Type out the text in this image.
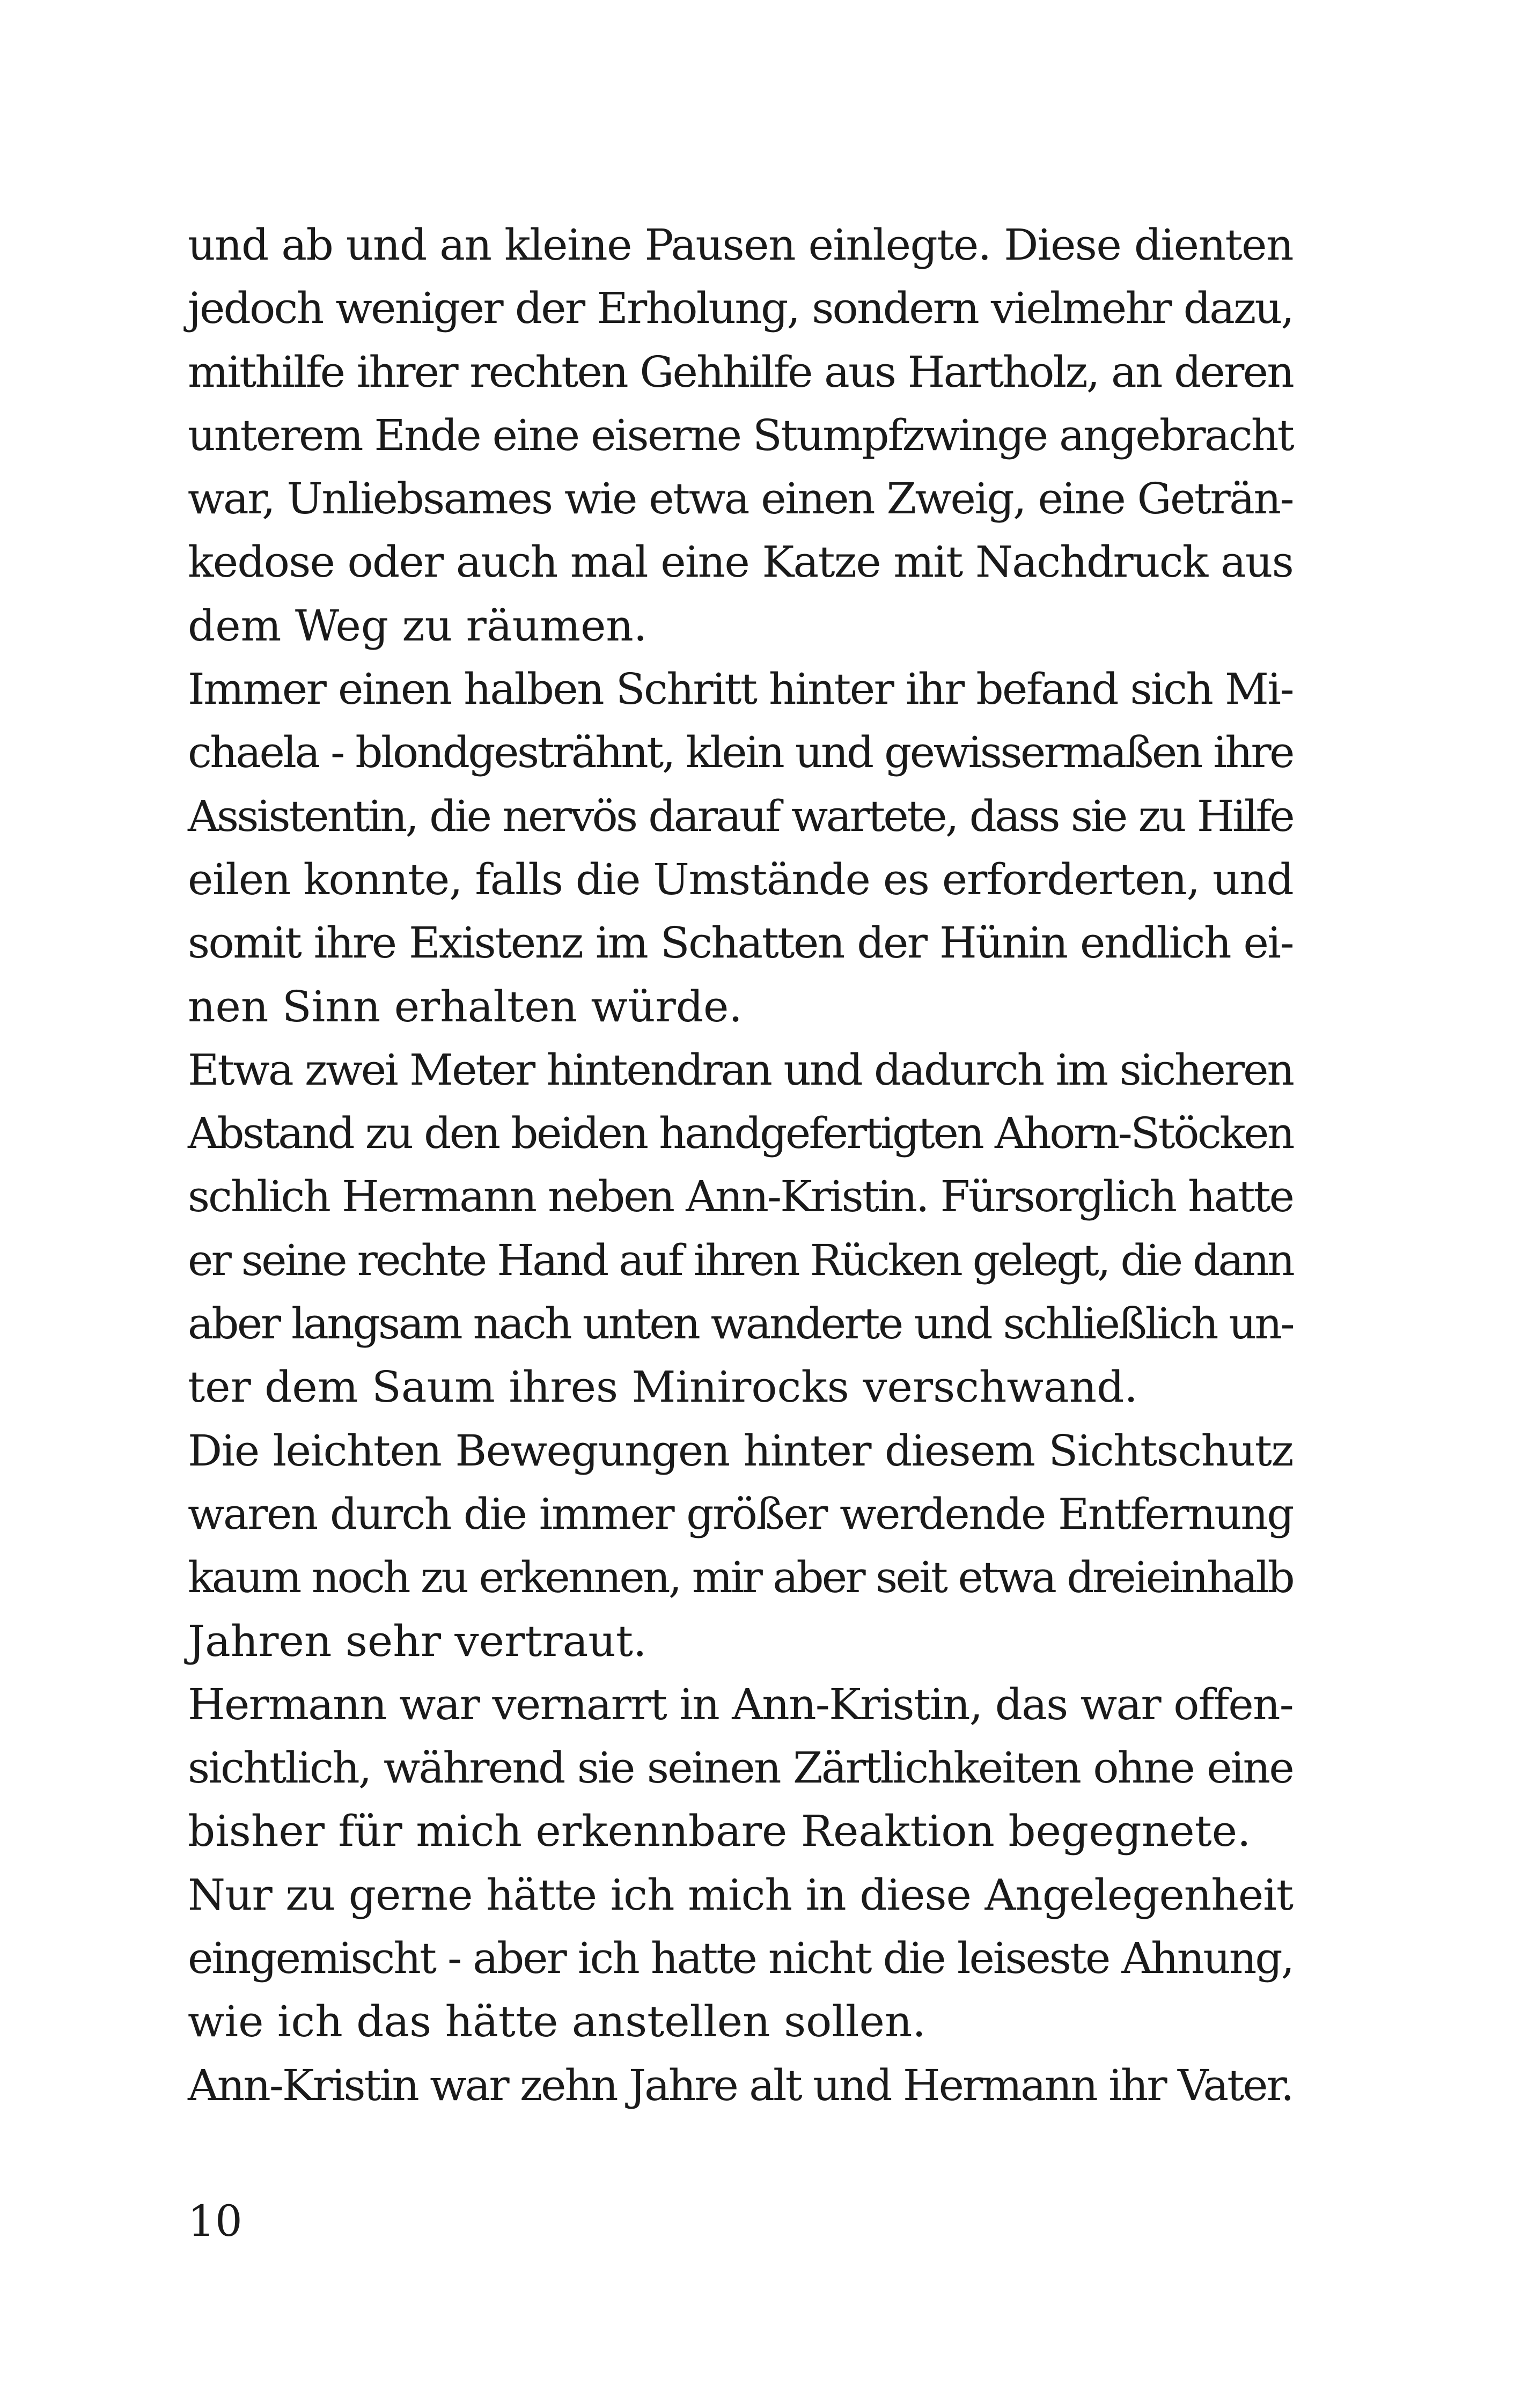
und ab und an kleine Pausen einlegte. Diese dienten
jedoch weniger der Erholung, sondern vielmehr dazu,
mithilfe ihrer rechten Gehhilfe aus Hartholz, an deren
unterem Ende eine eiserne Stumpfzwinge angebracht
war, Unliebsames wie etwa einen Zweig, eine Geträn-
kedose oder auch mal eine Katze mit Nachdruck aus
dem Weg zu räumen.
Immer einen halben Schritt hinter ihr befand sich Mi-
chaela - blondgesträhnt, klein und gewissermaßen ihre
Assistentin, die nervös darauf wartete, dass sie zu Hilfe
eilen konnte, falls die Umstände es erforderten, und
somit ihre Existenz im Schatten der Hünin endlich ei-
nen Sinn erhalten würde.
Etwa zwei Meter hintendran und dadurch im sicheren
Abstand zu den beiden handgefertigten Ahorn-Stöcken
schlich Hermann neben Ann-Kristin. Fürsorglich hatte
er seine rechte Hand auf ihren Rücken gelegt, die dann
aber langsam nach unten wanderte und schließlich un-
ter dem Saum ihres Minirocks verschwand.
Die leichten Bewegungen hinter diesem Sichtschutz
waren durch die immer größer werdende Entfernung
kaum noch zu erkennen, mir aber seit etwa dreieinhalb
Jahren sehr vertraut.
Hermann war vernarrt in Ann-Kristin, das war offen-
sichtlich, während sie seinen Zärtlichkeiten ohne eine
bisher für mich erkennbare Reaktion begegnete.
Nur zu gerne hätte ich mich in diese Angelegenheit
eingemischt - aber ich hatte nicht die leiseste Ahnung,
wie ich das hätte anstellen sollen.
Ann-Kristin war zehn Jahre alt und Hermann ihr Vater.
10
